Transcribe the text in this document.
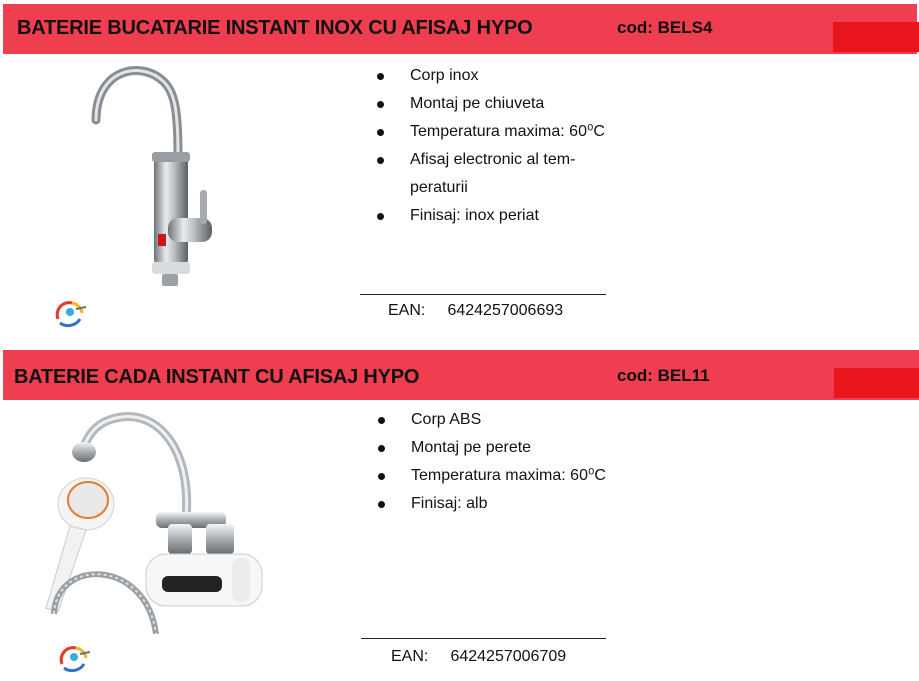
BATERIE BUCATARIE INSTANT INOX CU AFISAJ HYPO	cod: BELS4
Corp inox
Montaj pe chiuveta
Temperatura maxima: 60⁰C
Afisaj electronic al tem-peraturii
Finisaj: inox periat
EAN: 6424257006693
BATERIE CADA INSTANT CU AFISAJ HYPO	cod: BEL11
Corp ABS
Montaj pe perete
Temperatura maxima: 60⁰C
Finisaj: alb
EAN: 6424257006709
